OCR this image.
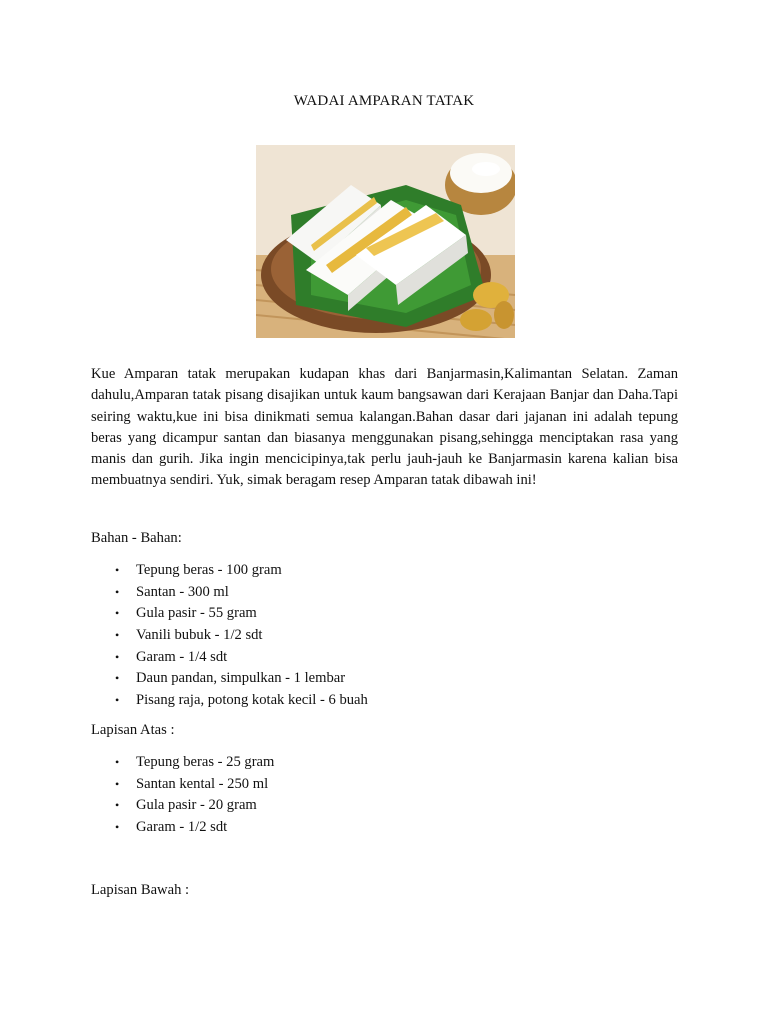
WADAI AMPARAN TATAK

Kue Amparan tatak merupakan kudapan khas dari Banjarmasin,Kalimantan Selatan. Zaman dahulu,Amparan tatak pisang disajikan untuk kaum bangsawan dari Kerajaan Banjar dan Daha.Tapi seiring waktu,kue ini bisa dinikmati semua kalangan.Bahan dasar dari jajanan ini adalah tepung beras yang dicampur santan dan biasanya menggunakan pisang,sehingga menciptakan rasa yang manis dan gurih. Jika ingin mencicipinya,tak perlu jauh-jauh ke Banjarmasin karena kalian bisa membuatnya sendiri. Yuk, simak beragam resep Amparan tatak dibawah ini!

Bahan - Bahan:

• Tepung beras - 100 gram
• Santan - 300 ml
• Gula pasir - 55 gram
• Vanili bubuk - 1/2 sdt
• Garam - 1/4 sdt
• Daun pandan, simpulkan - 1 lembar
• Pisang raja, potong kotak kecil - 6 buah

Lapisan Atas :

• Tepung beras - 25 gram
• Santan kental - 250 ml
• Gula pasir - 20 gram
• Garam - 1/2 sdt

Lapisan Bawah :
